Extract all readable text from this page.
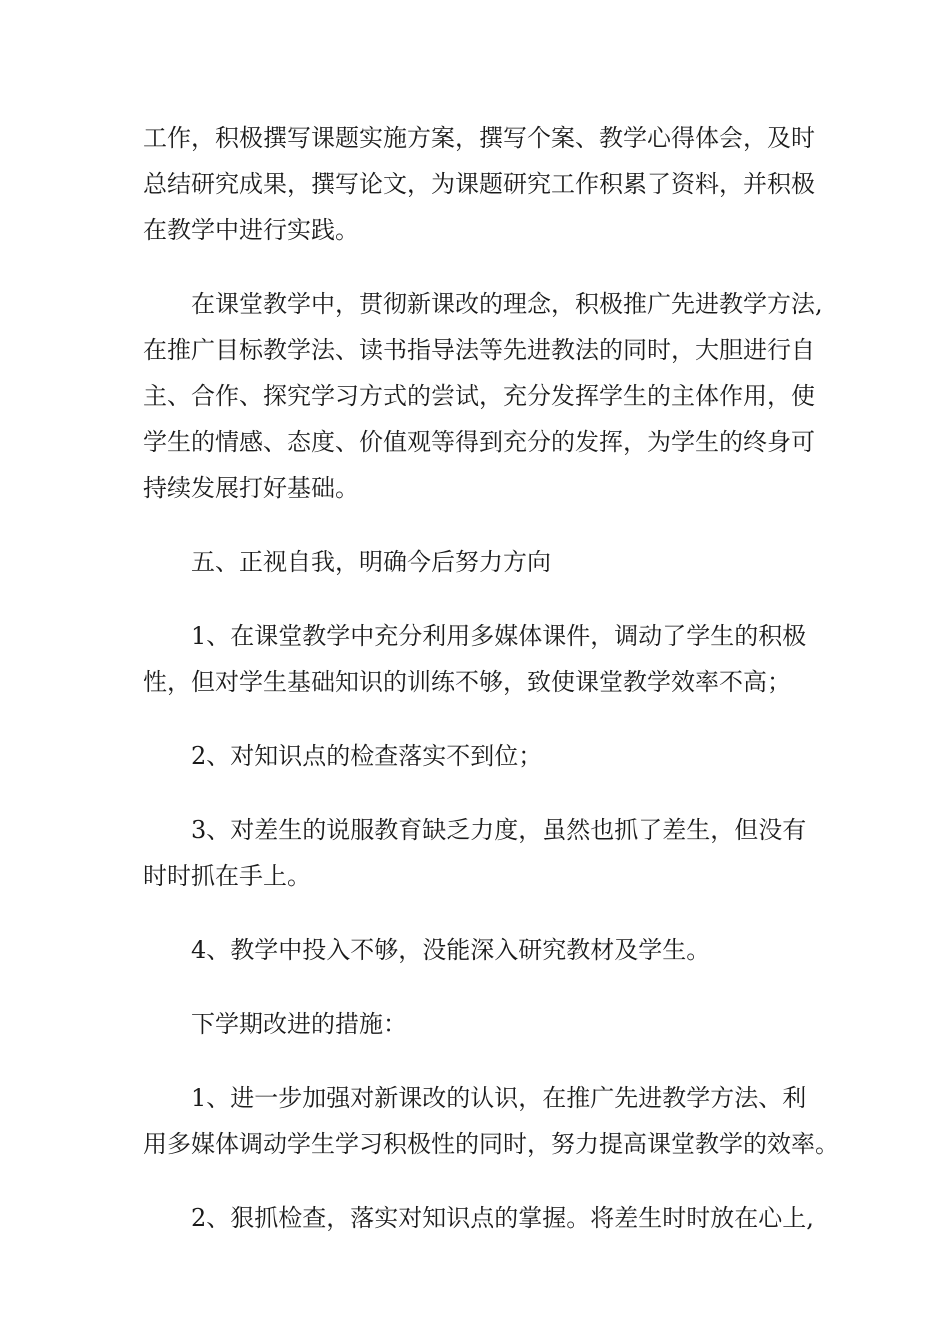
工作，积极撰写课题实施方案，撰写个案、教学心得体会，及时
总结研究成果，撰写论文，为课题研究工作积累了资料，并积极
在教学中进行实践。

在课堂教学中，贯彻新课改的理念，积极推广先进教学方法,
在推广目标教学法、读书指导法等先进教法的同时，大胆进行自
主、合作、探究学习方式的尝试，充分发挥学生的主体作用，使
学生的情感、态度、价值观等得到充分的发挥，为学生的终身可
持续发展打好基础。

五、正视自我，明确今后努力方向

1、在课堂教学中充分利用多媒体课件，调动了学生的积极
性，但对学生基础知识的训练不够，致使课堂教学效率不高；

2、对知识点的检查落实不到位；

3、对差生的说服教育缺乏力度，虽然也抓了差生，但没有
时时抓在手上。

4、教学中投入不够，没能深入研究教材及学生。

下学期改进的措施：

1、进一步加强对新课改的认识，在推广先进教学方法、利
用多媒体调动学生学习积极性的同时，努力提高课堂教学的效率。

2、狠抓检查，落实对知识点的掌握。将差生时时放在心上,
